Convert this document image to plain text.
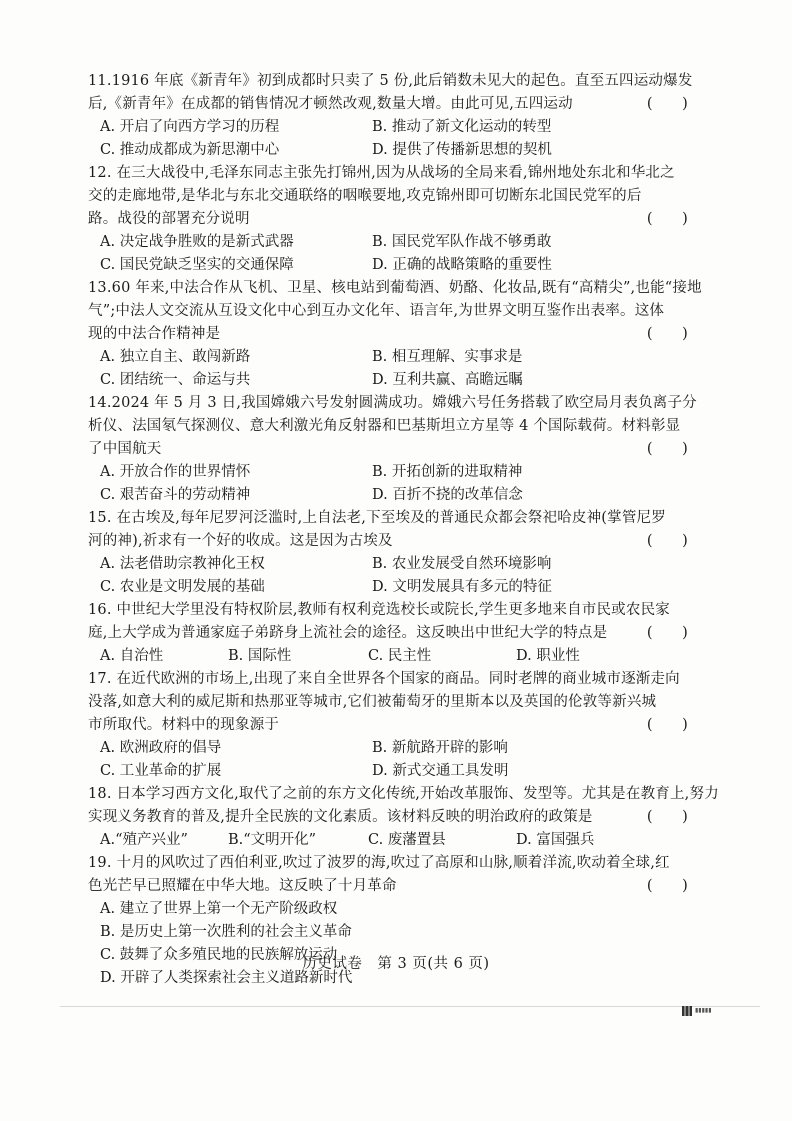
11.1916 年底《新青年》初到成都时只卖了 5 份,此后销数未见大的起色。直至五四运动爆发
后,《新青年》在成都的销售情况才顿然改观,数量大增。由此可见,五四运动	(　　)
A. 开启了向西方学习的历程	B. 推动了新文化运动的转型
C. 推动成都成为新思潮中心	D. 提供了传播新思想的契机
12. 在三大战役中,毛泽东同志主张先打锦州,因为从战场的全局来看,锦州地处东北和华北之
交的走廊地带,是华北与东北交通联络的咽喉要地,攻克锦州即可切断东北国民党军的后
路。战役的部署充分说明	(　　)
A. 决定战争胜败的是新式武器	B. 国民党军队作战不够勇敢
C. 国民党缺乏坚实的交通保障	D. 正确的战略策略的重要性
13.60 年来,中法合作从飞机、卫星、核电站到葡萄酒、奶酪、化妆品,既有“高精尖”,也能“接地
气”;中法人文交流从互设文化中心到互办文化年、语言年,为世界文明互鉴作出表率。这体
现的中法合作精神是	(　　)
A. 独立自主、敢闯新路	B. 相互理解、实事求是
C. 团结统一、命运与共	D. 互利共赢、高瞻远瞩
14.2024 年 5 月 3 日,我国嫦娥六号发射圆满成功。嫦娥六号任务搭载了欧空局月表负离子分
析仪、法国氡气探测仪、意大利激光角反射器和巴基斯坦立方星等 4 个国际载荷。材料彰显
了中国航天	(　　)
A. 开放合作的世界情怀	B. 开拓创新的进取精神
C. 艰苦奋斗的劳动精神	D. 百折不挠的改革信念
15. 在古埃及,每年尼罗河泛滥时,上自法老,下至埃及的普通民众都会祭祀哈皮神(掌管尼罗
河的神),祈求有一个好的收成。这是因为古埃及	(　　)
A. 法老借助宗教神化王权	B. 农业发展受自然环境影响
C. 农业是文明发展的基础	D. 文明发展具有多元的特征
16. 中世纪大学里没有特权阶层,教师有权利竞选校长或院长,学生更多地来自市民或农民家
庭,上大学成为普通家庭子弟跻身上流社会的途径。这反映出中世纪大学的特点是	(　　)
A. 自治性	B. 国际性	C. 民主性	D. 职业性
17. 在近代欧洲的市场上,出现了来自全世界各个国家的商品。同时老牌的商业城市逐渐走向
没落,如意大利的威尼斯和热那亚等城市,它们被葡萄牙的里斯本以及英国的伦敦等新兴城
市所取代。材料中的现象源于	(　　)
A. 欧洲政府的倡导	B. 新航路开辟的影响
C. 工业革命的扩展	D. 新式交通工具发明
18. 日本学习西方文化,取代了之前的东方文化传统,开始改革服饰、发型等。尤其是在教育上,努力
实现义务教育的普及,提升全民族的文化素质。该材料反映的明治政府的政策是	(　　)
A.“殖产兴业”	B.“文明开化”	C. 废藩置县	D. 富国强兵
19. 十月的风吹过了西伯利亚,吹过了波罗的海,吹过了高原和山脉,顺着洋流,吹动着全球,红
色光芒早已照耀在中华大地。这反映了十月革命	(　　)
A. 建立了世界上第一个无产阶级政权
B. 是历史上第一次胜利的社会主义革命
C. 鼓舞了众多殖民地的民族解放运动
D. 开辟了人类探索社会主义道路新时代
历史试卷　第 3 页(共 6 页)
▮▮▮▮▮
